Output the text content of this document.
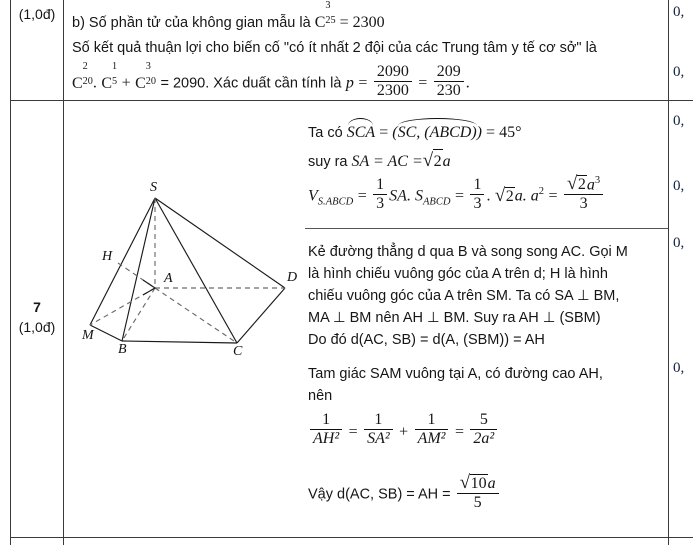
(1,0đ)
b) Số phần tử của không gian mẫu là C
3
25 = 2300
Số kết quả thuận lợi cho biến cố "có ít nhất 2 đội của các Trung tâm y tế cơ sở" là
C
2
20 . C
1
5 + C
3
20 = 2090. Xác duất cần tính là $p = \frac{2090}{2300} = \frac{209}{230}$ .
7
(1,0đ)
S
H
A	D
M
B	C
Ta có SCA = (SC, (ABCD)) = 45°
suy ra SA = AC = √ 2a
$V_{S.ABCD} = \frac{1}{3}$ SA. $S_{ABCD} = \frac{1}{3}$ . √ 2a. $a^2$ = √ $\frac{2a^3}{3}$
Kẻ đường thẳng d qua B và song song AC. Gọi M
là hình chiếu vuông góc của A trên d; H là hình
chiếu vuông góc của A trên SM. Ta có SA ⊥ BM,
MA ⊥ BM nên AH ⊥ BM. Suy ra AH ⊥ (SBM)
Do đó d(AC, SB) = d(A, (SBM)) = AH
Tam giác SAM vuông tại A, có đường cao AH,
nên
$\frac{1}{\text{AH²}} = \frac{1}{\text{SA²}} + \frac{1}{\text{AM²}} = \frac{5}{\text{2a²}}$
Vậy d(AC, SB) = AH = √ $\frac{10a}{5}$
0,
0,
0,
0,
0,
0,
